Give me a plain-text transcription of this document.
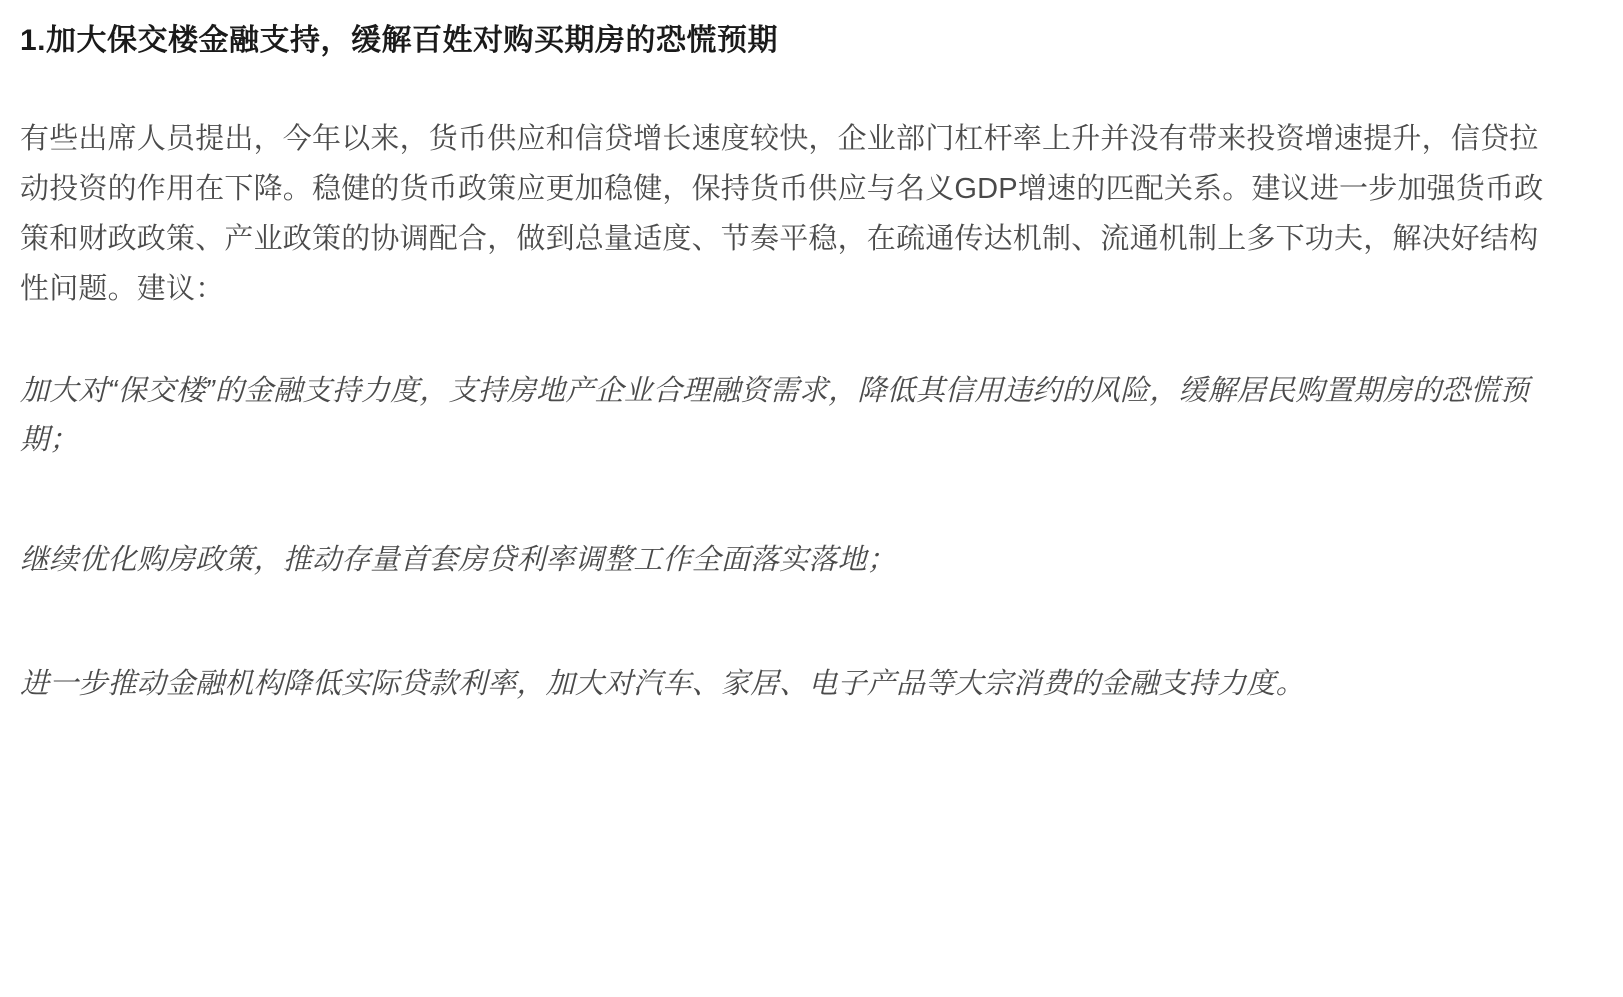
1.加大保交楼金融支持，缓解百姓对购买期房的恐慌预期

有些出席人员提出，今年以来，货币供应和信贷增长速度较快，企业部门杠杆率上升并没有带来投资增速提升，信贷拉动投资的作用在下降。稳健的货币政策应更加稳健，保持货币供应与名义GDP增速的匹配关系。建议进一步加强货币政策和财政政策、产业政策的协调配合，做到总量适度、节奏平稳，在疏通传达机制、流通机制上多下功夫，解决好结构性问题。建议：

加大对“保交楼”的金融支持力度，支持房地产企业合理融资需求，降低其信用违约的风险，缓解居民购置期房的恐慌预期；

继续优化购房政策，推动存量首套房贷利率调整工作全面落实落地；

进一步推动金融机构降低实际贷款利率，加大对汽车、家居、电子产品等大宗消费的金融支持力度。
